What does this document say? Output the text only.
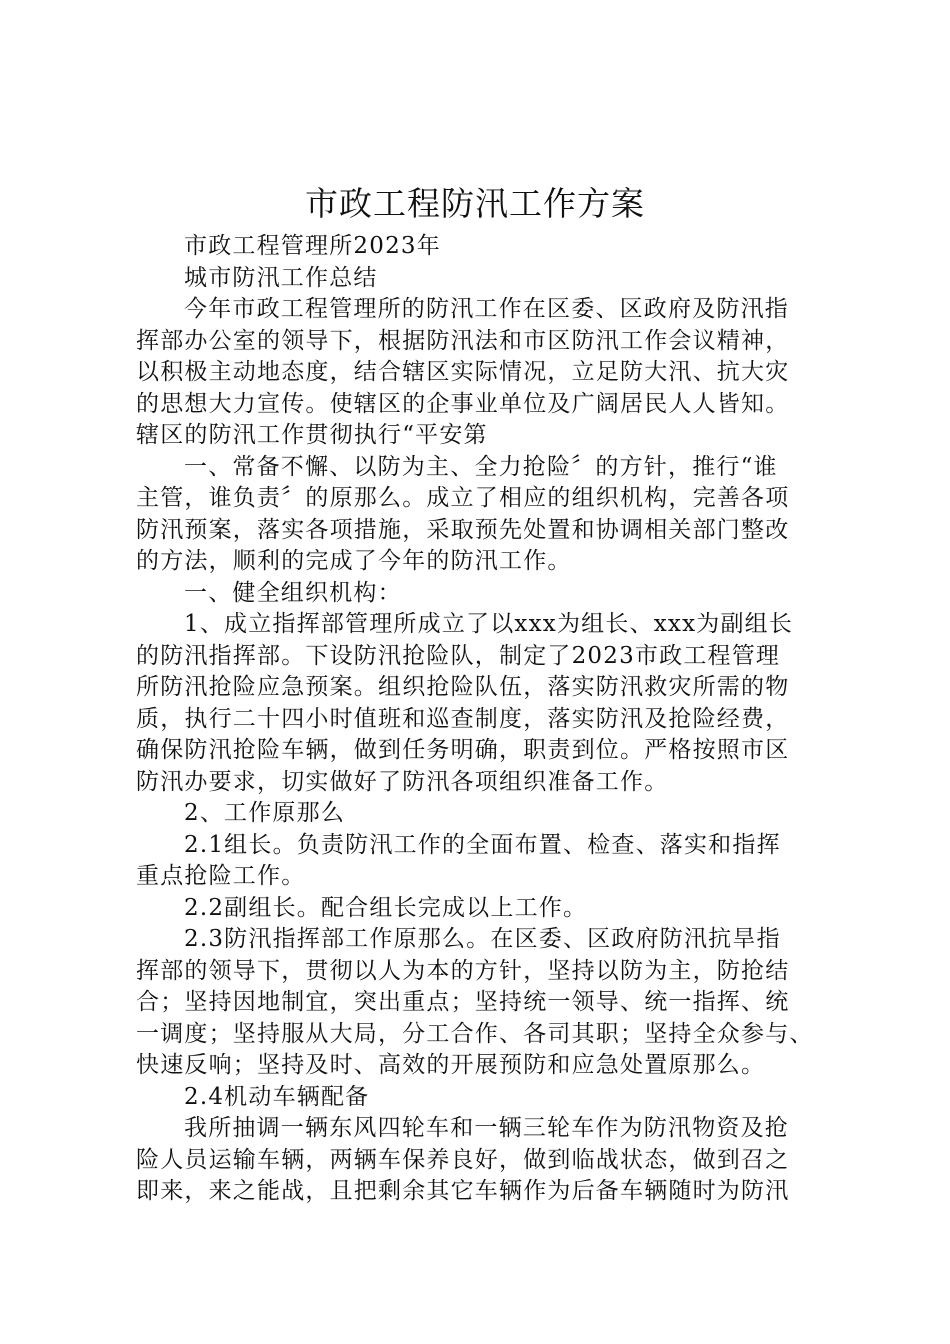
市政工程防汛工作方案
市政工程管理所2023年
城市防汛工作总结
今年市政工程管理所的防汛工作在区委、区政府及防汛指
挥部办公室的领导下，根据防汛法和市区防汛工作会议精神，
以积极主动地态度，结合辖区实际情况，立足防大汛、抗大灾
的思想大力宣传。使辖区的企事业单位及广阔居民人人皆知。
辖区的防汛工作贯彻执行“平安第
一、常备不懈、以防为主、全力抢险〞的方针，推行“谁
主管，谁负责〞的原那么。成立了相应的组织机构，完善各项
防汛预案，落实各项措施，采取预先处置和协调相关部门整改
的方法，顺利的完成了今年的防汛工作。
一、健全组织机构：
1、成立指挥部管理所成立了以xxx为组长、xxx为副组长
的防汛指挥部。下设防汛抢险队，制定了2023市政工程管理
所防汛抢险应急预案。组织抢险队伍，落实防汛救灾所需的物
质，执行二十四小时值班和巡查制度，落实防汛及抢险经费，
确保防汛抢险车辆，做到任务明确，职责到位。严格按照市区
防汛办要求，切实做好了防汛各项组织准备工作。
2、工作原那么
2.1组长。负责防汛工作的全面布置、检查、落实和指挥
重点抢险工作。
2.2副组长。配合组长完成以上工作。
2.3防汛指挥部工作原那么。在区委、区政府防汛抗旱指
挥部的领导下，贯彻以人为本的方针，坚持以防为主，防抢结
合；坚持因地制宜，突出重点；坚持统一领导、统一指挥、统
一调度；坚持服从大局，分工合作、各司其职；坚持全众参与、
快速反响；坚持及时、高效的开展预防和应急处置原那么。
2.4机动车辆配备
我所抽调一辆东风四轮车和一辆三轮车作为防汛物资及抢
险人员运输车辆，两辆车保养良好，做到临战状态，做到召之
即来，来之能战，且把剩余其它车辆作为后备车辆随时为防汛
